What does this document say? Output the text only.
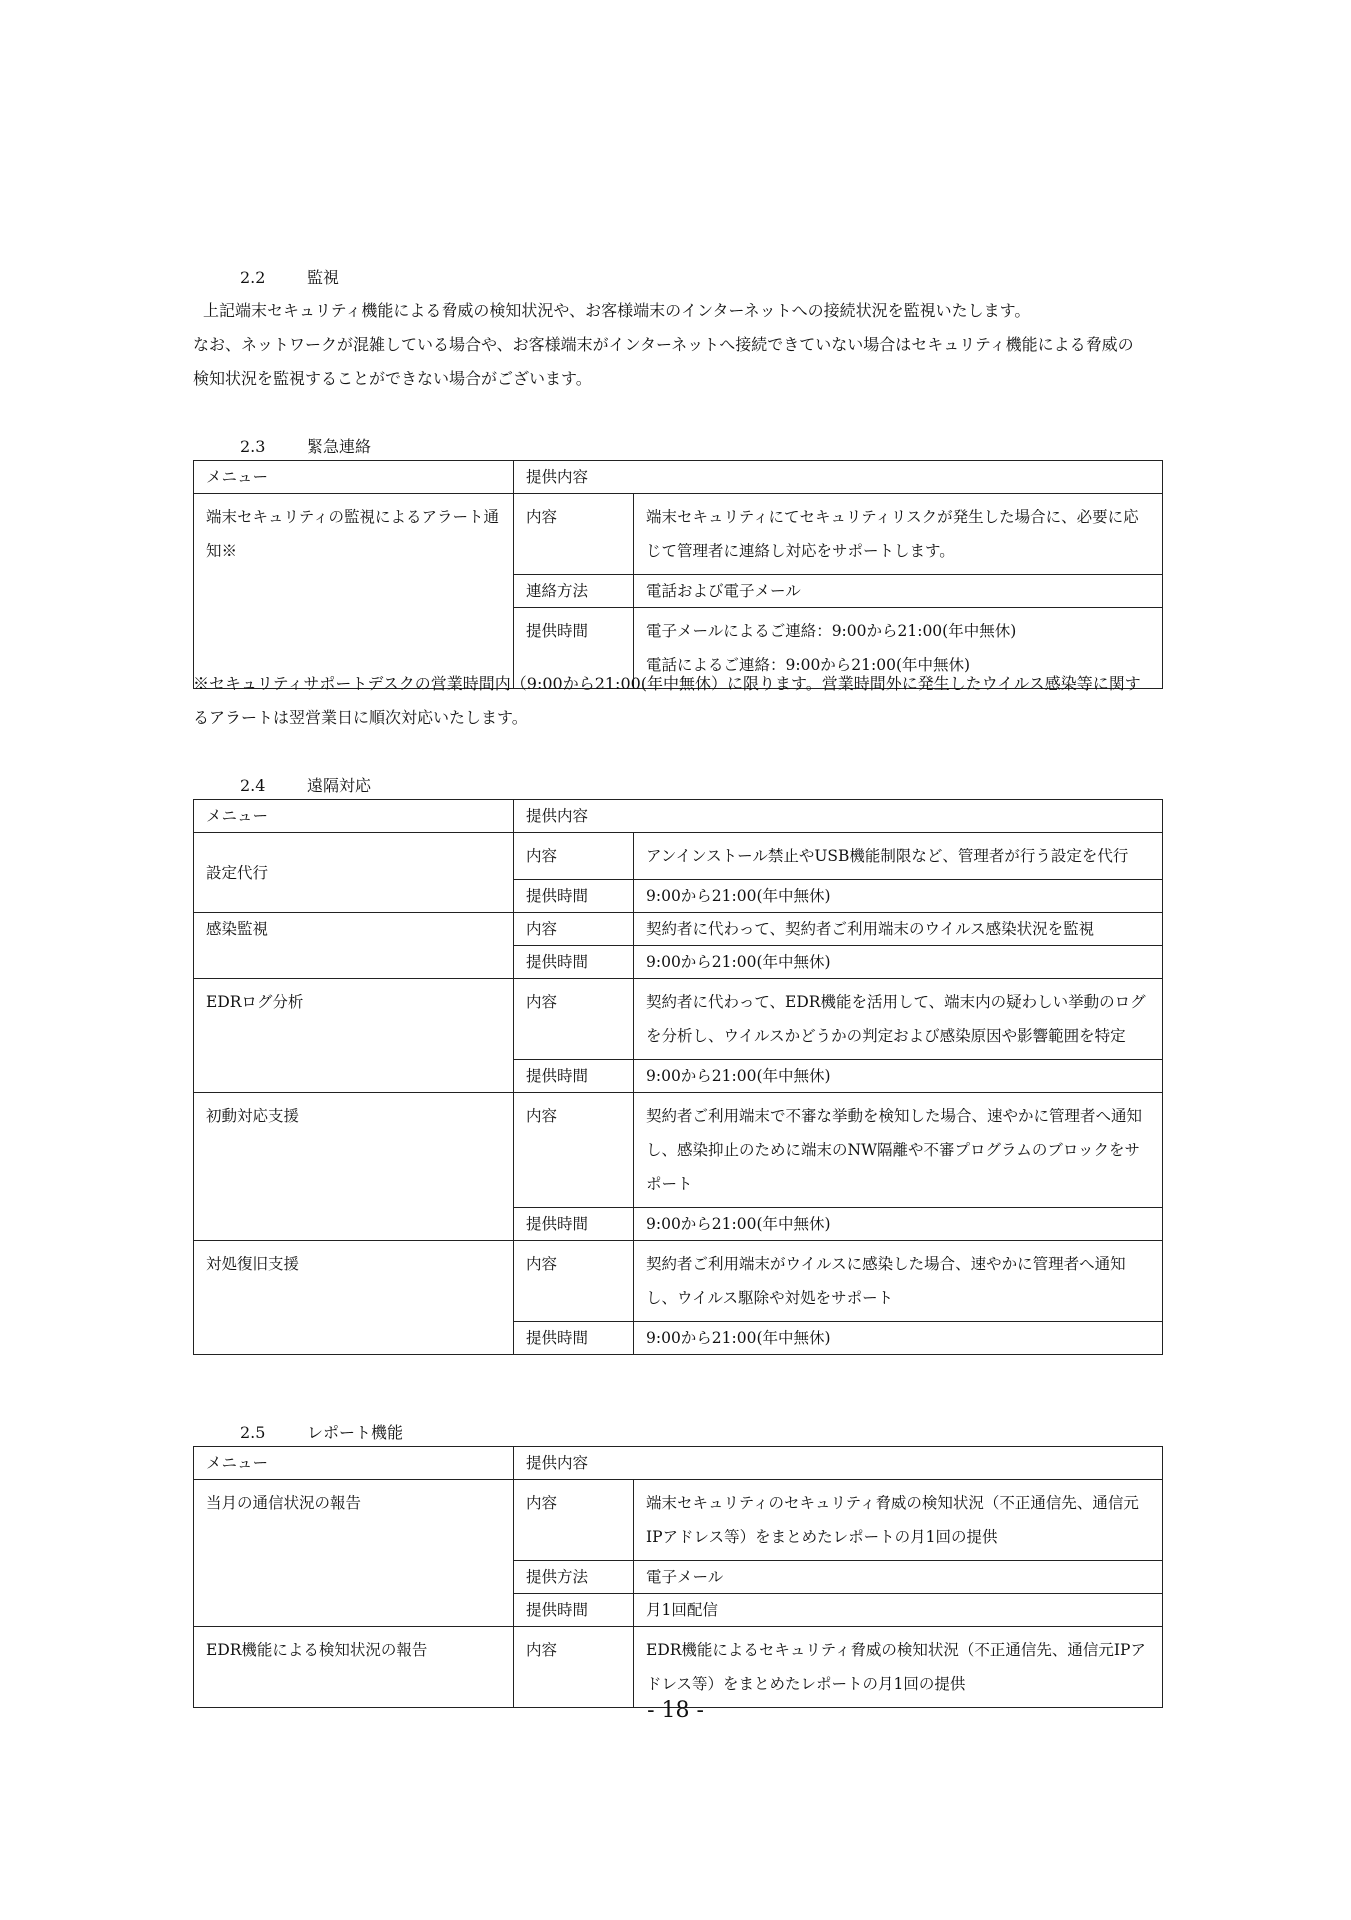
2.2	監視
上記端末セキュリティ機能による脅威の検知状況や、お客様端末のインターネットへの接続状況を監視いたします。
なお、ネットワークが混雑している場合や、お客様端末がインターネットへ接続できていない場合はセキュリティ機能による脅威の
検知状況を監視することができない場合がございます。
2.3	緊急連絡
メニュー	提供内容	
端末セキュリティの監視によるアラート通知※	内容	端末セキュリティにてセキュリティリスクが発生した場合に、必要に応じて管理者に連絡し対応をサポートします。
	連絡方法	電話および電子メール
	提供時間	電子メールによるご連絡：9:00から21:00(年中無休)
電話によるご連絡：9:00から21:00(年中無休)
※セキュリティサポートデスクの営業時間内（9:00から21:00(年中無休）に限ります。営業時間外に発生したウイルス感染等に関す
るアラートは翌営業日に順次対応いたします。
2.4	遠隔対応
メニュー	提供内容	
設定代行	内容	アンインストール禁止やUSB機能制限など、管理者が行う設定を代行
	提供時間	9:00から21:00(年中無休)
感染監視	内容	契約者に代わって、契約者ご利用端末のウイルス感染状況を監視
	提供時間	9:00から21:00(年中無休)
EDRログ分析	内容	契約者に代わって、EDR機能を活用して、端末内の疑わしい挙動のログを分析し、ウイルスかどうかの判定および感染原因や影響範囲を特定
	提供時間	9:00から21:00(年中無休)
初動対応支援	内容	契約者ご利用端末で不審な挙動を検知した場合、速やかに管理者へ通知し、感染抑止のために端末のNW隔離や不審プログラムのブロックをサポート
	提供時間	9:00から21:00(年中無休)
対処復旧支援	内容	契約者ご利用端末がウイルスに感染した場合、速やかに管理者へ通知し、ウイルス駆除や対処をサポート
	提供時間	9:00から21:00(年中無休)
2.5	レポート機能
メニュー	提供内容	
当月の通信状況の報告	内容	端末セキュリティのセキュリティ脅威の検知状況（不正通信先、通信元IPアドレス等）をまとめたレポートの月1回の提供
	提供方法	電子メール
	提供時間	月1回配信
EDR機能による検知状況の報告	内容	EDR機能によるセキュリティ脅威の検知状況（不正通信先、通信元IPアドレス等）をまとめたレポートの月1回の提供
- 18 -
